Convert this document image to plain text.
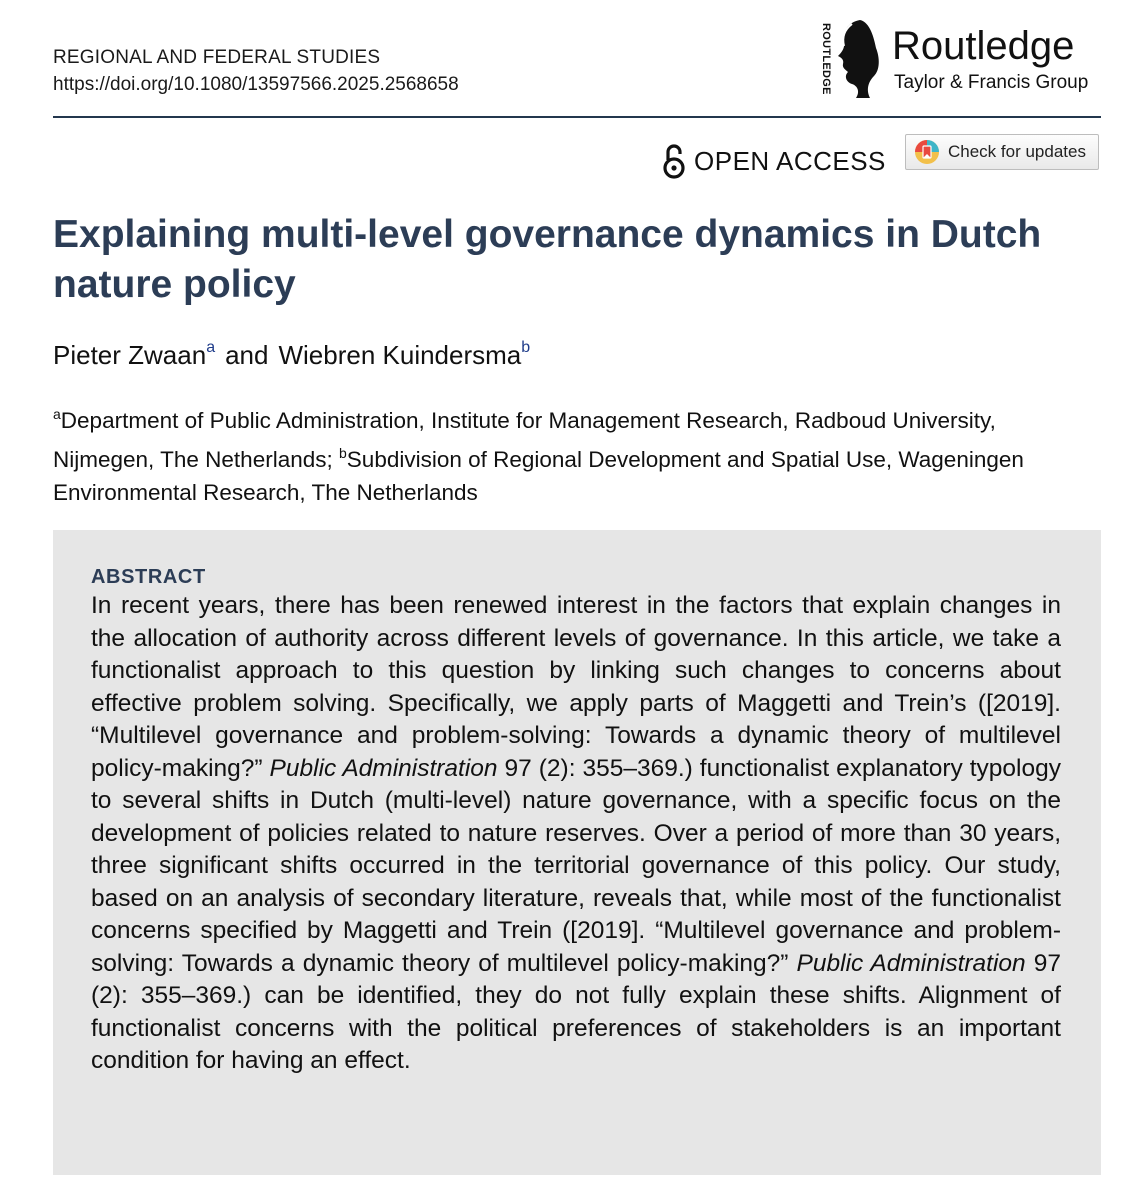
REGIONAL AND FEDERAL STUDIES
https://doi.org/10.1080/13597566.2025.2568658	ROUTLEDGE Routledge
Taylor & Francis Group
OPEN ACCESS	Check for updates
Explaining multi-level governance dynamics in Dutch nature policy
Pieter Zwaan$^a$ and Wiebren Kuindersma$^b$
$^a$Department of Public Administration, Institute for Management Research, Radboud University, Nijmegen, The Netherlands; $^b$Subdivision of Regional Development and Spatial Use, Wageningen Environmental Research, The Netherlands
ABSTRACT

In recent years, there has been renewed interest in the factors that explain changes in the allocation of authority across different levels of governance. In this article, we take a functionalist approach to this question by linking such changes to concerns about effective problem solving. Specifically, we apply parts of Maggetti and Trein’s ([2019]. “Multilevel governance and problem-solving: Towards a dynamic theory of multilevel policy-making?” Public Administration 97 (2): 355–369.) functionalist explanatory typology to several shifts in Dutch (multi-level) nature governance, with a specific focus on the development of policies related to nature reserves. Over a period of more than 30 years, three significant shifts occurred in the territorial governance of this policy. Our study, based on an analysis of secondary literature, reveals that, while most of the functionalist concerns specified by Maggetti and Trein ([2019]. “Multilevel governance and problem-solving: Towards a dynamic theory of multilevel policy-making?” Public Administration 97 (2): 355–369.) can be identified, they do not fully explain these shifts. Alignment of functionalist concerns with the political preferences of stakeholders is an important condition for having an effect.
